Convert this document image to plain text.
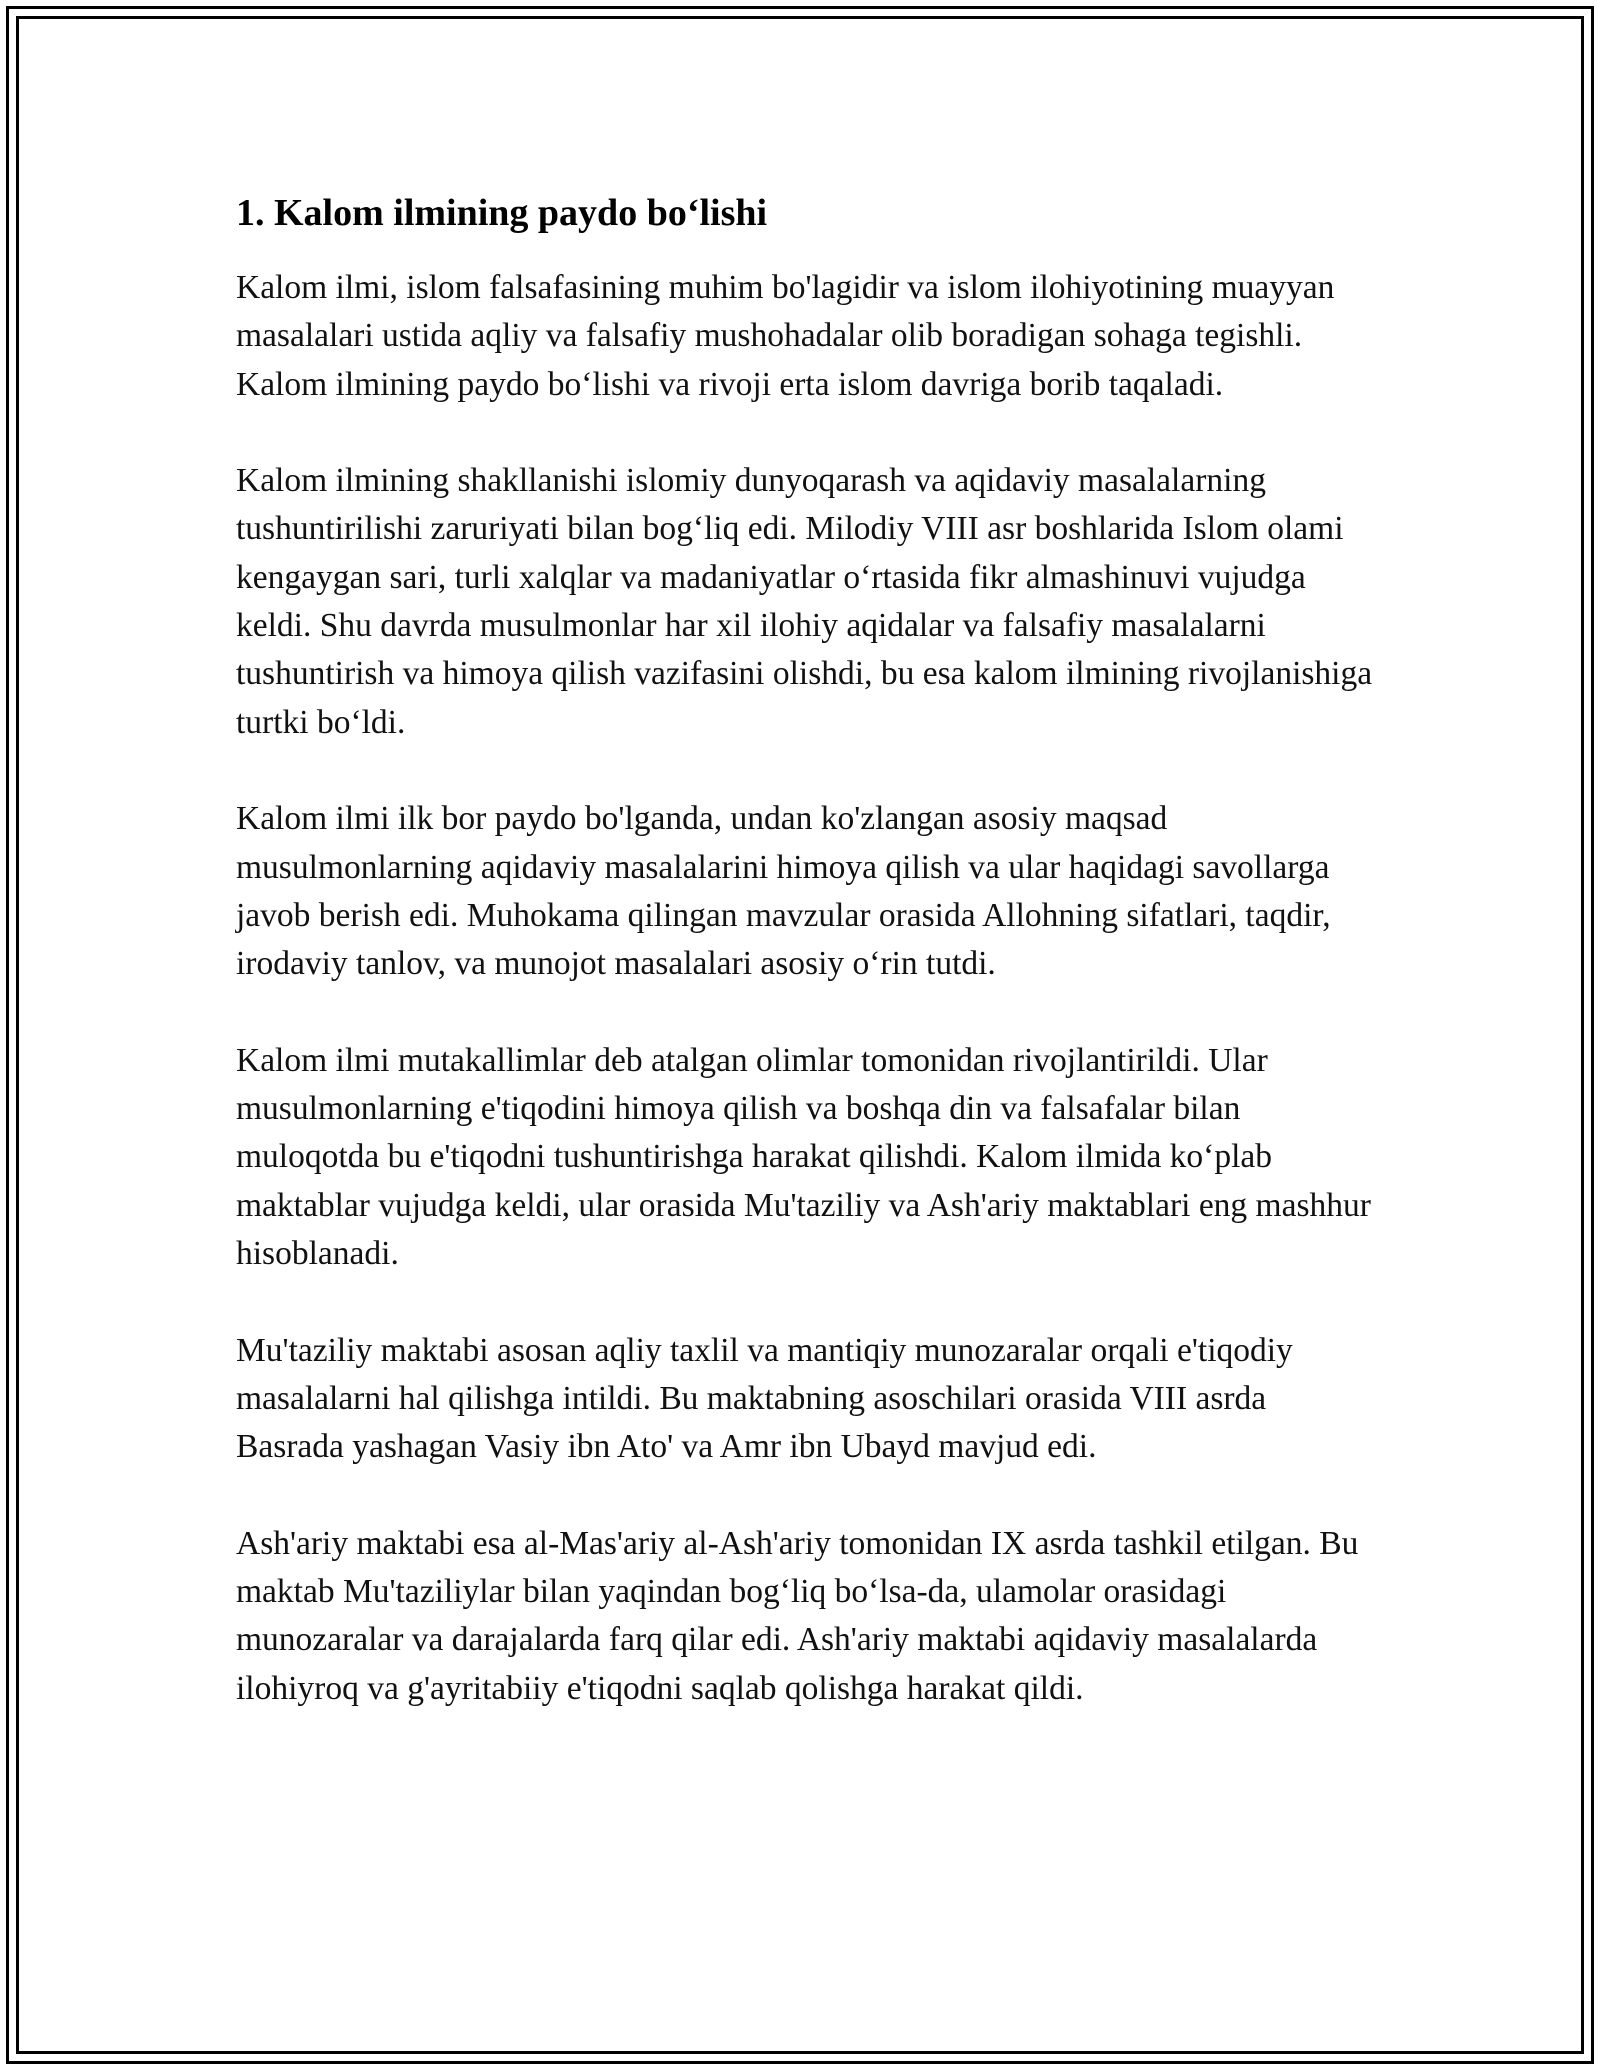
1. Kalom ilmining paydo bo‘lishi

Kalom ilmi, islom falsafasining muhim bo'lagidir va islom ilohiyotining muayyan masalalari ustida aqliy va falsafiy mushohadalar olib boradigan sohaga tegishli. Kalom ilmining paydo bo‘lishi va rivoji erta islom davriga borib taqaladi.

Kalom ilmining shakllanishi islomiy dunyoqarash va aqidaviy masalalarning tushuntirilishi zaruriyati bilan bog‘liq edi. Milodiy VIII asr boshlarida Islom olami kengaygan sari, turli xalqlar va madaniyatlar o‘rtasida fikr almashinuvi vujudga keldi. Shu davrda musulmonlar har xil ilohiy aqidalar va falsafiy masalalarni tushuntirish va himoya qilish vazifasini olishdi, bu esa kalom ilmining rivojlanishiga turtki bo‘ldi.

Kalom ilmi ilk bor paydo bo'lganda, undan ko'zlangan asosiy maqsad musulmonlarning aqidaviy masalalarini himoya qilish va ular haqidagi savollarga javob berish edi. Muhokama qilingan mavzular orasida Allohning sifatlari, taqdir, irodaviy tanlov, va munojot masalalari asosiy o‘rin tutdi.

Kalom ilmi mutakallimlar deb atalgan olimlar tomonidan rivojlantirildi. Ular musulmonlarning e'tiqodini himoya qilish va boshqa din va falsafalar bilan muloqotda bu e'tiqodni tushuntirishga harakat qilishdi. Kalom ilmida ko‘plab maktablar vujudga keldi, ular orasida Mu'taziliy va Ash'ariy maktablari eng mashhur hisoblanadi.

Mu'taziliy maktabi asosan aqliy taxlil va mantiqiy munozaralar orqali e'tiqodiy masalalarni hal qilishga intildi. Bu maktabning asoschilari orasida VIII asrda Basrada yashagan Vasiy ibn Ato' va Amr ibn Ubayd mavjud edi.

Ash'ariy maktabi esa al-Mas'ariy al-Ash'ariy tomonidan IX asrda tashkil etilgan. Bu maktab Mu'taziliylar bilan yaqindan bog‘liq bo‘lsa-da, ulamolar orasidagi munozaralar va darajalarda farq qilar edi. Ash'ariy maktabi aqidaviy masalalarda ilohiyroq va g'ayritabiiy e'tiqodni saqlab qolishga harakat qildi.
